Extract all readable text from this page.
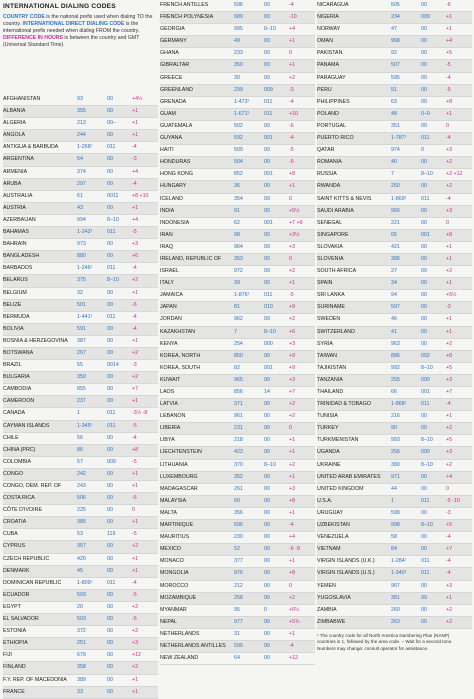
INTERNATIONAL DIALING CODES
COUNTRY CODE is the national prefix used when dialing TO the country. INTERNATIONAL DIRECT DIALING CODE is the international prefix needed when dialing FROM the country. DIFFERENCE IN HOURS is between the country and GMT (Universal Standard Time).
AFGHANISTAN	93	00	+4½
ALBANIA	355	00	+1
ALGERIA	213	00–	+1
ANGOLA	244	00	+1
ANTIGUA & BARBUDA	1-268¹	011	-4
ARGENTINA	54	00	-3
ARMENIA	374	00	+4
ARUBA	297	00	-4
AUSTRALIA	61	0011	+8 +10
AUSTRIA	43	00	+1
AZERBAIJAN	994	8–10	+4
BAHAMAS	1-242¹	011	-5
BAHRAIN	973	00	+3
BANGLADESH	880	00	+6
BARBADOS	1-246¹	011	-4
BELARUS	375	8–10	+2
BELGIUM	32	00	+1
BELIZE	501	00	-6
BERMUDA	1-441¹	011	-4
BOLIVIA	591	00	-4
BOSNIA & HERZEGOVINA	387	00	+1
BOTSWANA	267	00	+2
BRAZIL	55	0014	-3
BULGARIA	359	00	+2
CAMBODIA	855	00	+7
CAMEROON	237	00	+1
CANADA	1	011	-3½ -8
CAYMAN ISLANDS	1-345¹	011	-5
CHILE	56	00	-4
CHINA (PRC)	86	00	+8
COLOMBIA	57	009	-5
CONGO	242	00	+1
CONGO, DEM. REP. OF	243	00	+1
COSTA RICA	506	00	-6
CÔTE D'IVOIRE	225	00	0
CROATIA	385	00	+1
CUBA	53	119	-5
CYPRUS	357	00	+2
CZECH REPUBLIC	420	00	+1
DENMARK	45	00	+1
DOMINICAN REPUBLIC	1-809¹	011	-4
ECUADOR	593	00	-5
EGYPT	20	00	+2
EL SALVADOR	503	00	-6
ESTONIA	372	00	+2
ETHIOPIA	251	00	+3
FIJI	679	00	+12
FINLAND	358	00	+2
F.Y. REP. OF MACEDONIA	389	00	+1
FRANCE	33	00	+1
FRENCH ANTILLES	596	00	-4
FRENCH POLYNESIA	689	00	-10
GEORGIA	995	8–10	+4
GERMANY	49	00	+1
GHANA	233	00	0
GIBRALTAR	350	00	+1
GREECE	30	00	+2
GREENLAND	299	009	-3
GRENADA	1-473¹	011	-4
GUAM	1-671¹	011	+10
GUATEMALA	502	00	-6
GUYANA	592	001	-4
HAITI	509	00	-5
HONDURAS	504	00	-6
HONG KONG	852	001	+8
HUNGARY	36	00	+1
ICELAND	354	00	0
INDIA	91	00	+5½
INDONESIA	62	001	+7 +9
IRAN	98	00	+3½
IRAQ	964	00	+3
IRELAND, REPUBLIC OF	353	00	0
ISRAEL	972	00	+2
ITALY	39	00	+1
JAMAICA	1-876¹	011	-5
JAPAN	81	010	+9
JORDAN	962	00	+2
KAZAKHSTAN	7	8–10	+6
KENYA	254	000	+3
KOREA, NORTH	850	00	+9
KOREA, SOUTH	82	001	+9
KUWAIT	965	00	+3
LAOS	856	14	+7
LATVIA	371	00	+2
LEBANON	961	00	+2
LIBERIA	231	00	0
LIBYA	218	00	+1
LIECHTENSTEIN	423	00	+1
LITHUANIA	370	8–10	+2
LUXEMBOURG	352	00	+1
MADAGASCAR	261	00	+3
MALAYSIA	60	00	+8
MALTA	356	00	+1
MARTINIQUE	596	00	-4
MAURITIUS	230	00	+4
MEXICO	52	00	-6 -8
MONACO	377	00	+1
MONGOLIA	976	00	+8
MOROCCO	212	00	0
MOZAMBIQUE	258	00	+2
MYANMAR	95	0	+6½
NEPAL	977	00	+5¾
NETHERLANDS	31	00	+1
NETHERLANDS ANTILLES	599	00	-4
NEW ZEALAND	64	00	+12
NICARAGUA	505	00	-6
NIGERIA	234	009	+1
NORWAY	47	00	+1
OMAN	968	00	+4
PAKISTAN	92	00	+5
PANAMA	507	00	-5
PARAGUAY	595	00	-4
PERU	51	00	-5
PHILIPPINES	63	00	+8
POLAND	48	0–0	+1
PORTUGAL	351	00	0
PUERTO RICO	1-787¹	011	-4
QATAR	974	0	+3
ROMANIA	40	00	+2
RUSSIA	7	8–10	+2 +12
RWANDA	250	00	+2
SAINT KITTS & NEVIS	1-869¹	011	-4
SAUDI ARABIA	966	00	+3
SENEGAL	221	00	0
SINGAPORE	65	001	+8
SLOVAKIA	421	00	+1
SLOVENIA	386	00	+1
SOUTH AFRICA	27	09	+2
SPAIN	34	00	+1
SRI LANKA	94	00	+5½
SURINAME	597	00	-3
SWEDEN	46	00	+1
SWITZERLAND	41	00	+1
SYRIA	963	00	+2
TAIWAN	886	002	+8
TAJIKISTAN	992	8–10	+5
TANZANIA	255	000	+3
THAILAND	66	001	+7
TRINIDAD & TOBAGO	1-868¹	011	-4
TUNISIA	216	00	+1
TURKEY	90	00	+2
TURKMENISTAN	993	8–10	+5
UGANDA	256	000	+3
UKRAINE	380	8–10	+2
UNITED ARAB EMIRATES	971	00	+4
UNITED KINGDOM	44	00	0
U.S.A.	1	011	-5 -10
URUGUAY	598	00	-3
UZBEKISTAN	998	8–10	+5
VENEZUELA	58	00	-4
VIETNAM	84	00	+7
VIRGIN ISLANDS (U.K.)	1-284¹	011	-4
VIRGIN ISLANDS (U.S.)	1-340¹	011	-4
YEMEN	967	00	+3
YUGOSLAVIA	381	99	+1
ZAMBIA	260	00	+2
ZIMBABWE	263	00	+2
¹ The country code for all North America Numbering Plan (NANP) countries is 1, followed by the area code. – Wait for a second tone.
Numbers may change; consult operator for assistance.
